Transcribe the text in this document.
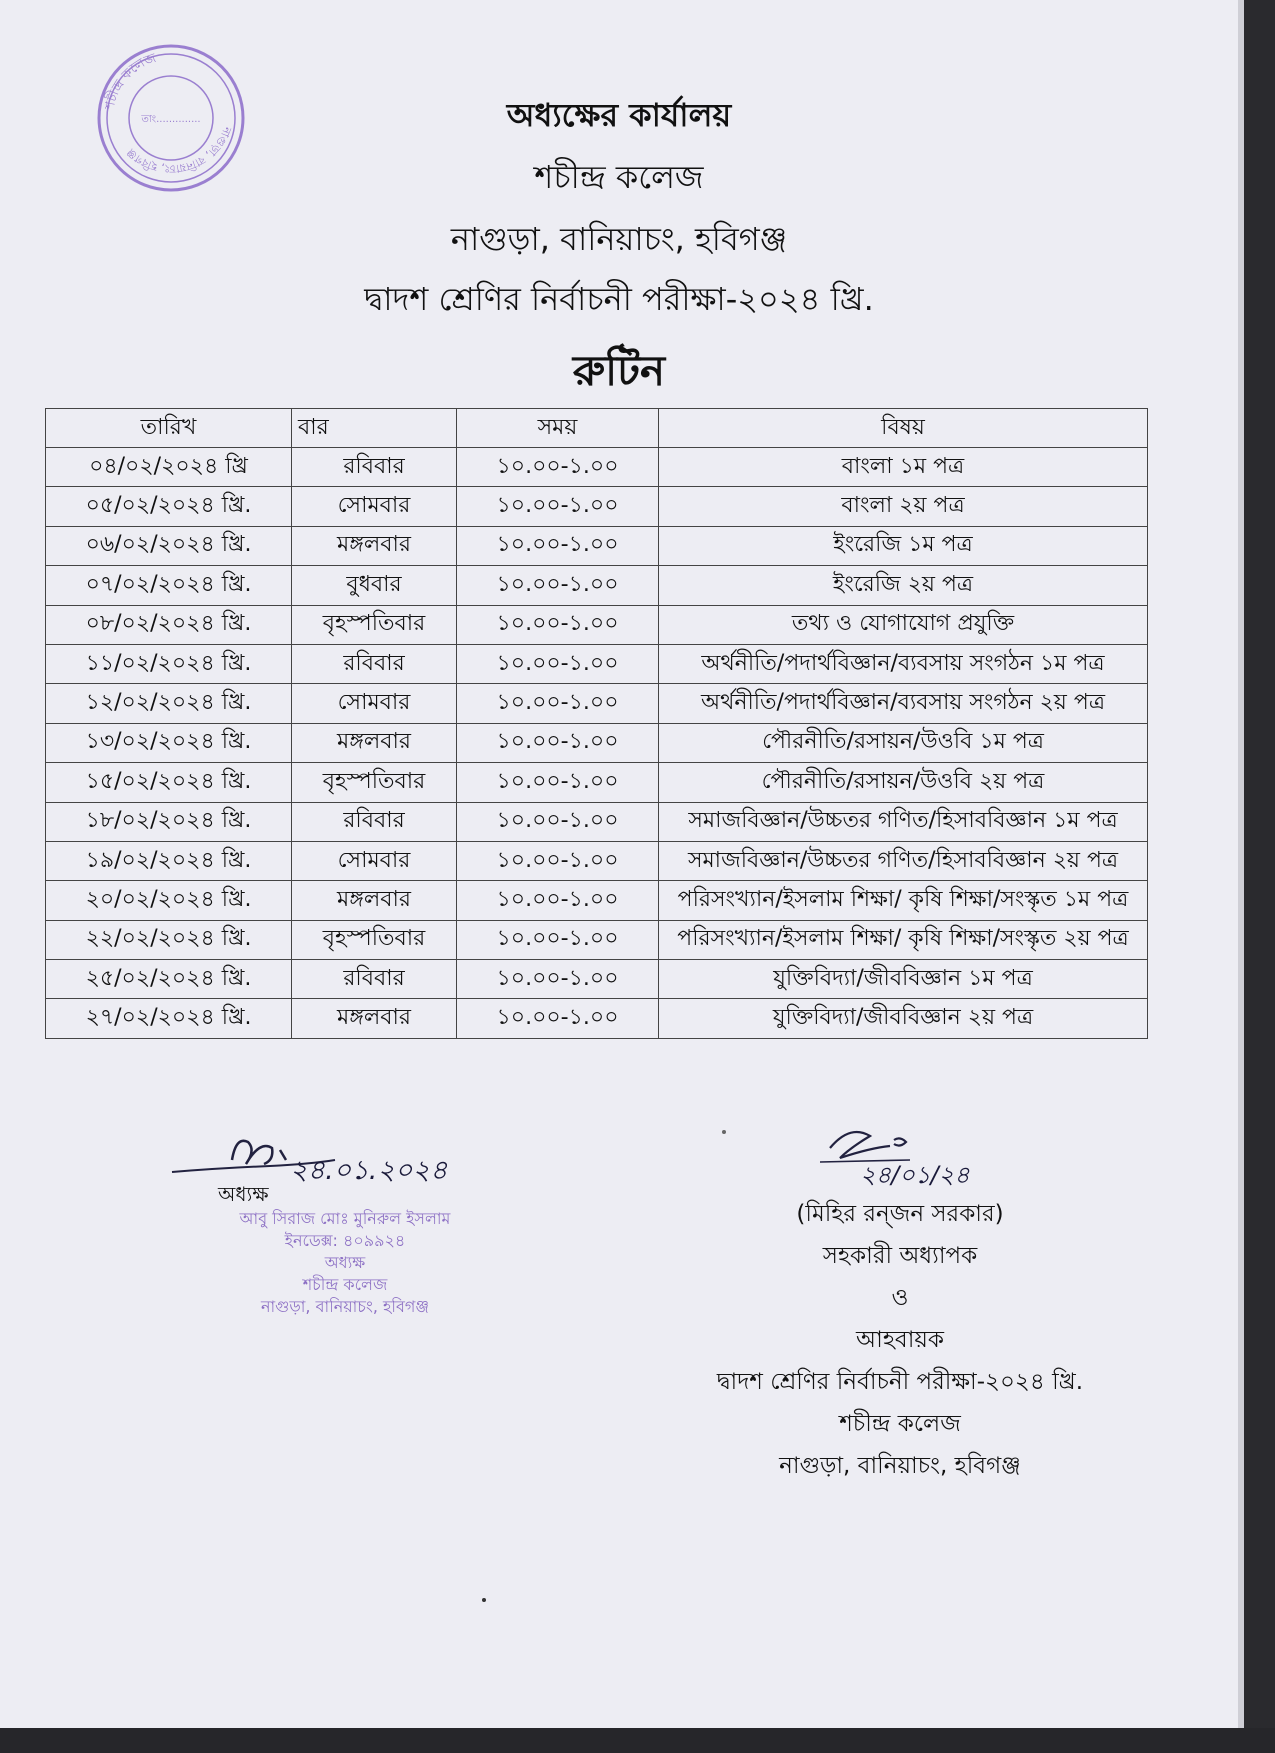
শচীন্দ্র কলেজ
নাগুড়া, বানিয়াচং, হবিগঞ্জ
তাং..............	অধ্যক্ষের কার্যালয়
শচীন্দ্র কলেজ
নাগুড়া, বানিয়াচং, হবিগঞ্জ
দ্বাদশ শ্রেণির নির্বাচনী পরীক্ষা-২০২৪ খ্রি.
রুটিন
তারিখ	বার	সময়	বিষয়
০৪/০২/২০২৪ খ্রি	রবিবার	১০.০০-১.০০	বাংলা ১ম পত্র
০৫/০২/২০২৪ খ্রি.	সোমবার	১০.০০-১.০০	বাংলা ২য় পত্র
০৬/০২/২০২৪ খ্রি.	মঙ্গলবার	১০.০০-১.০০	ইংরেজি ১ম পত্র
০৭/০২/২০২৪ খ্রি.	বুধবার	১০.০০-১.০০	ইংরেজি ২য় পত্র
০৮/০২/২০২৪ খ্রি.	বৃহস্পতিবার	১০.০০-১.০০	তথ্য ও যোগাযোগ প্রযুক্তি
১১/০২/২০২৪ খ্রি.	রবিবার	১০.০০-১.০০	অর্থনীতি/পদার্থবিজ্ঞান/ব্যবসায় সংগঠন ১ম পত্র
১২/০২/২০২৪ খ্রি.	সোমবার	১০.০০-১.০০	অর্থনীতি/পদার্থবিজ্ঞান/ব্যবসায় সংগঠন ২য় পত্র
১৩/০২/২০২৪ খ্রি.	মঙ্গলবার	১০.০০-১.০০	পৌরনীতি/রসায়ন/উওবি ১ম পত্র
১৫/০২/২০২৪ খ্রি.	বৃহস্পতিবার	১০.০০-১.০০	পৌরনীতি/রসায়ন/উওবি ২য় পত্র
১৮/০২/২০২৪ খ্রি.	রবিবার	১০.০০-১.০০	সমাজবিজ্ঞান/উচ্চতর গণিত/হিসাববিজ্ঞান ১ম পত্র
১৯/০২/২০২৪ খ্রি.	সোমবার	১০.০০-১.০০	সমাজবিজ্ঞান/উচ্চতর গণিত/হিসাববিজ্ঞান ২য় পত্র
২০/০২/২০২৪ খ্রি.	মঙ্গলবার	১০.০০-১.০০	পরিসংখ্যান/ইসলাম শিক্ষা/ কৃষি শিক্ষা/সংস্কৃত ১ম পত্র
২২/০২/২০২৪ খ্রি.	বৃহস্পতিবার	১০.০০-১.০০	পরিসংখ্যান/ইসলাম শিক্ষা/ কৃষি শিক্ষা/সংস্কৃত ২য় পত্র
২৫/০২/২০২৪ খ্রি.	রবিবার	১০.০০-১.০০	যুক্তিবিদ্যা/জীববিজ্ঞান ১ম পত্র
২৭/০২/২০২৪ খ্রি.	মঙ্গলবার	১০.০০-১.০০	যুক্তিবিদ্যা/জীববিজ্ঞান ২য় পত্র
২৪.০১.২০২৪
অধ্যক্ষ
আবু সিরাজ মোঃ মুনিরুল ইসলাম
ইনডেক্স: ৪০৯৯২৪
অধ্যক্ষ
শচীন্দ্র কলেজ
নাগুড়া, বানিয়াচং, হবিগঞ্জ
২৪/০১/২৪
(মিহির রন্জন সরকার)
সহকারী অধ্যাপক
ও
আহবায়ক
দ্বাদশ শ্রেণির নির্বাচনী পরীক্ষা-২০২৪ খ্রি.
শচীন্দ্র কলেজ
নাগুড়া, বানিয়াচং, হবিগঞ্জ
